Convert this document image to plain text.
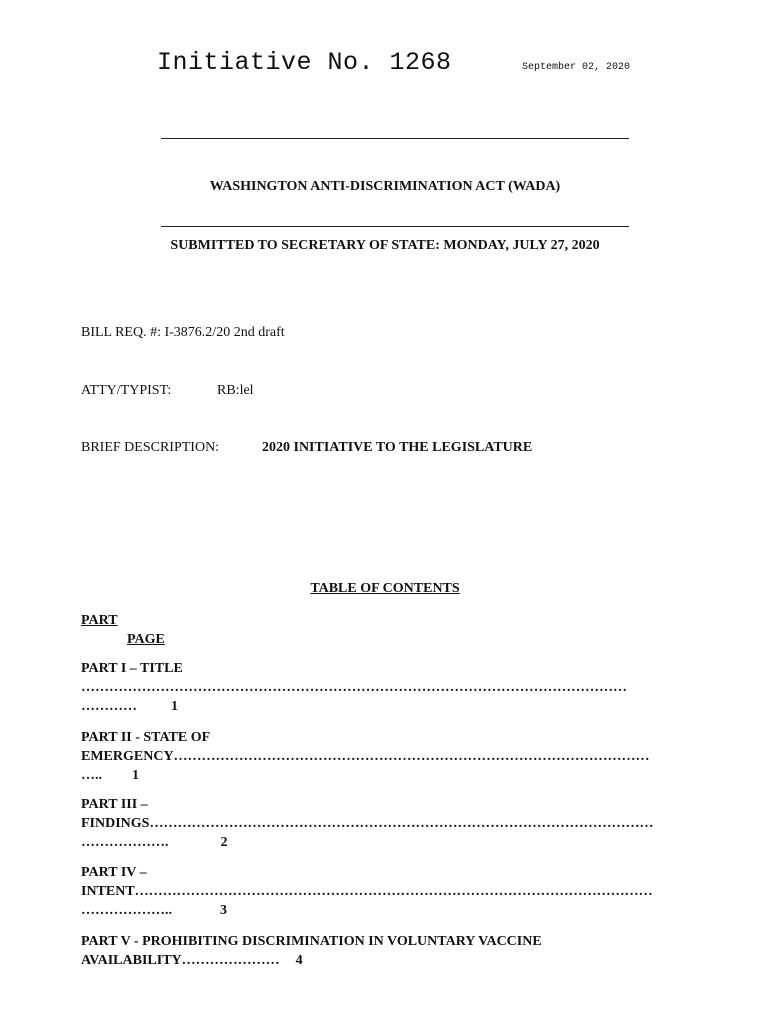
Initiative No. 1268	September 02, 2020
WASHINGTON ANTI-DISCRIMINATION ACT (WADA)
SUBMITTED TO SECRETARY OF STATE: MONDAY, JULY 27, 2020
BILL REQ. #: I-3876.2/20 2nd draft
ATTY/TYPIST:	RB:lel
BRIEF DESCRIPTION:	2020 INITIATIVE TO THE LEGISLATURE
TABLE OF CONTENTS
PART
PAGE
PART I – TITLE
………………………………………………………………………………………………………
………… 1
PART II - STATE OF
EMERGENCY…………………………………………………………………………………………
….. 1
PART III –
FINDINGS………………………………………………………………………………………………
……………….	2
PART IV –
INTENT…………………………………………………………………………………………………
………………..	3
PART V - PROHIBITING DISCRIMINATION IN VOLUNTARY VACCINE
AVAILABILITY………………… 4
